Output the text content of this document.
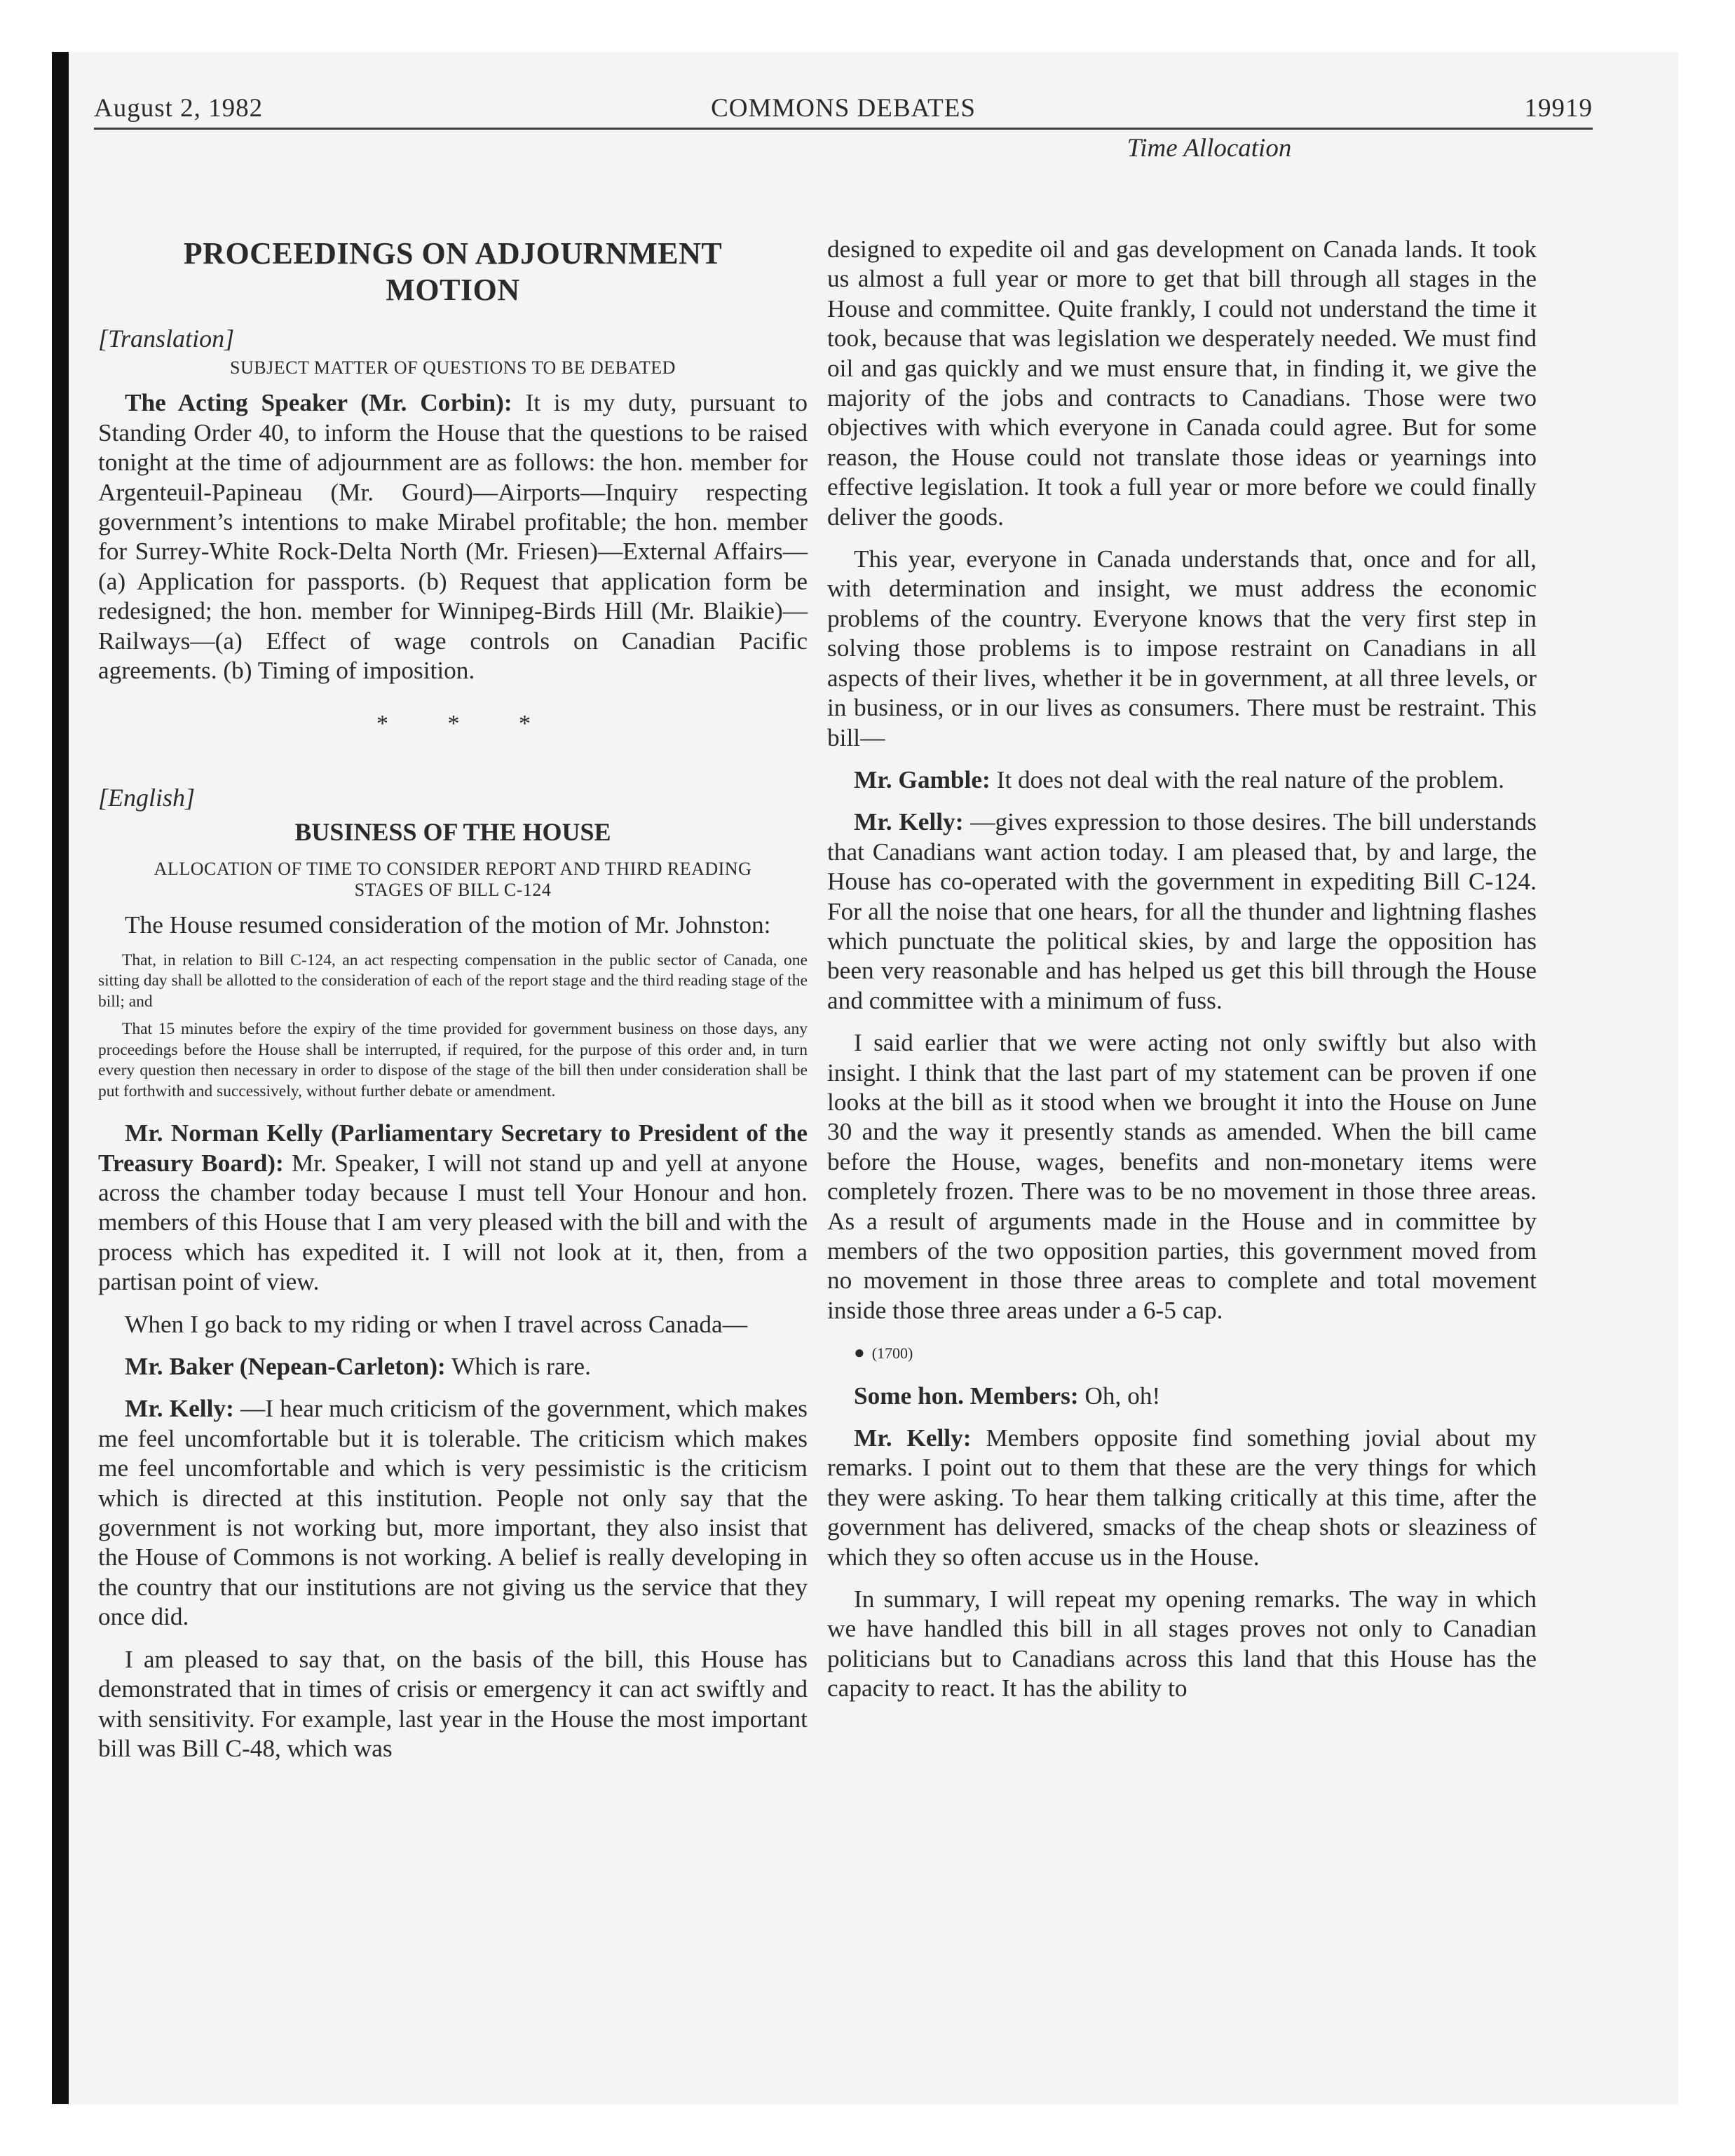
August 2, 1982	COMMONS DEBATES	19919
Time Allocation
PROCEEDINGS ON ADJOURNMENT MOTION
[Translation]
SUBJECT MATTER OF QUESTIONS TO BE DEBATED

The Acting Speaker (Mr. Corbin): It is my duty, pursuant to Standing Order 40, to inform the House that the questions to be raised tonight at the time of adjournment are as follows: the hon. member for Argenteuil-Papineau (Mr. Gourd)—Airports—Inquiry respecting government’s intentions to make Mirabel profitable; the hon. member for Surrey-White Rock-Delta North (Mr. Friesen)—External Affairs—(a) Application for passports. (b) Request that application form be redesigned; the hon. member for Winnipeg-Birds Hill (Mr. Blaikie)—Railways—(a) Effect of wage controls on Canadian Pacific agreements. (b) Timing of imposition.

* * *
[English]
BUSINESS OF THE HOUSE
ALLOCATION OF TIME TO CONSIDER REPORT AND THIRD READING STAGES OF BILL C-124

The House resumed consideration of the motion of Mr. Johnston:

That, in relation to Bill C-124, an act respecting compensation in the public sector of Canada, one sitting day shall be allotted to the consideration of each of the report stage and the third reading stage of the bill; and

That 15 minutes before the expiry of the time provided for government business on those days, any proceedings before the House shall be interrupted, if required, for the purpose of this order and, in turn every question then necessary in order to dispose of the stage of the bill then under consideration shall be put forthwith and successively, without further debate or amendment.

Mr. Norman Kelly (Parliamentary Secretary to President of the Treasury Board): Mr. Speaker, I will not stand up and yell at anyone across the chamber today because I must tell Your Honour and hon. members of this House that I am very pleased with the bill and with the process which has expedited it. I will not look at it, then, from a partisan point of view.

When I go back to my riding or when I travel across Canada—

Mr. Baker (Nepean-Carleton): Which is rare.

Mr. Kelly: —I hear much criticism of the government, which makes me feel uncomfortable but it is tolerable. The criticism which makes me feel uncomfortable and which is very pessimistic is the criticism which is directed at this institution. People not only say that the government is not working but, more important, they also insist that the House of Commons is not working. A belief is really developing in the country that our institutions are not giving us the service that they once did.

I am pleased to say that, on the basis of the bill, this House has demonstrated that in times of crisis or emergency it can act swiftly and with sensitivity. For example, last year in the House the most important bill was Bill C-48, which was

designed to expedite oil and gas development on Canada lands. It took us almost a full year or more to get that bill through all stages in the House and committee. Quite frankly, I could not understand the time it took, because that was legislation we desperately needed. We must find oil and gas quickly and we must ensure that, in finding it, we give the majority of the jobs and contracts to Canadians. Those were two objectives with which everyone in Canada could agree. But for some reason, the House could not translate those ideas or yearnings into effective legislation. It took a full year or more before we could finally deliver the goods.

This year, everyone in Canada understands that, once and for all, with determination and insight, we must address the economic problems of the country. Everyone knows that the very first step in solving those problems is to impose restraint on Canadians in all aspects of their lives, whether it be in government, at all three levels, or in business, or in our lives as consumers. There must be restraint. This bill—

Mr. Gamble: It does not deal with the real nature of the problem.

Mr. Kelly: —gives expression to those desires. The bill understands that Canadians want action today. I am pleased that, by and large, the House has co-operated with the government in expediting Bill C-124. For all the noise that one hears, for all the thunder and lightning flashes which punctuate the political skies, by and large the opposition has been very reasonable and has helped us get this bill through the House and committee with a minimum of fuss.

I said earlier that we were acting not only swiftly but also with insight. I think that the last part of my statement can be proven if one looks at the bill as it stood when we brought it into the House on June 30 and the way it presently stands as amended. When the bill came before the House, wages, benefits and non-monetary items were completely frozen. There was to be no movement in those three areas. As a result of arguments made in the House and in committee by members of the two opposition parties, this government moved from no movement in those three areas to complete and total movement inside those three areas under a 6-5 cap.

● (1700)

Some hon. Members: Oh, oh!

Mr. Kelly: Members opposite find something jovial about my remarks. I point out to them that these are the very things for which they were asking. To hear them talking critically at this time, after the government has delivered, smacks of the cheap shots or sleaziness of which they so often accuse us in the House.

In summary, I will repeat my opening remarks. The way in which we have handled this bill in all stages proves not only to Canadian politicians but to Canadians across this land that this House has the capacity to react. It has the ability to
